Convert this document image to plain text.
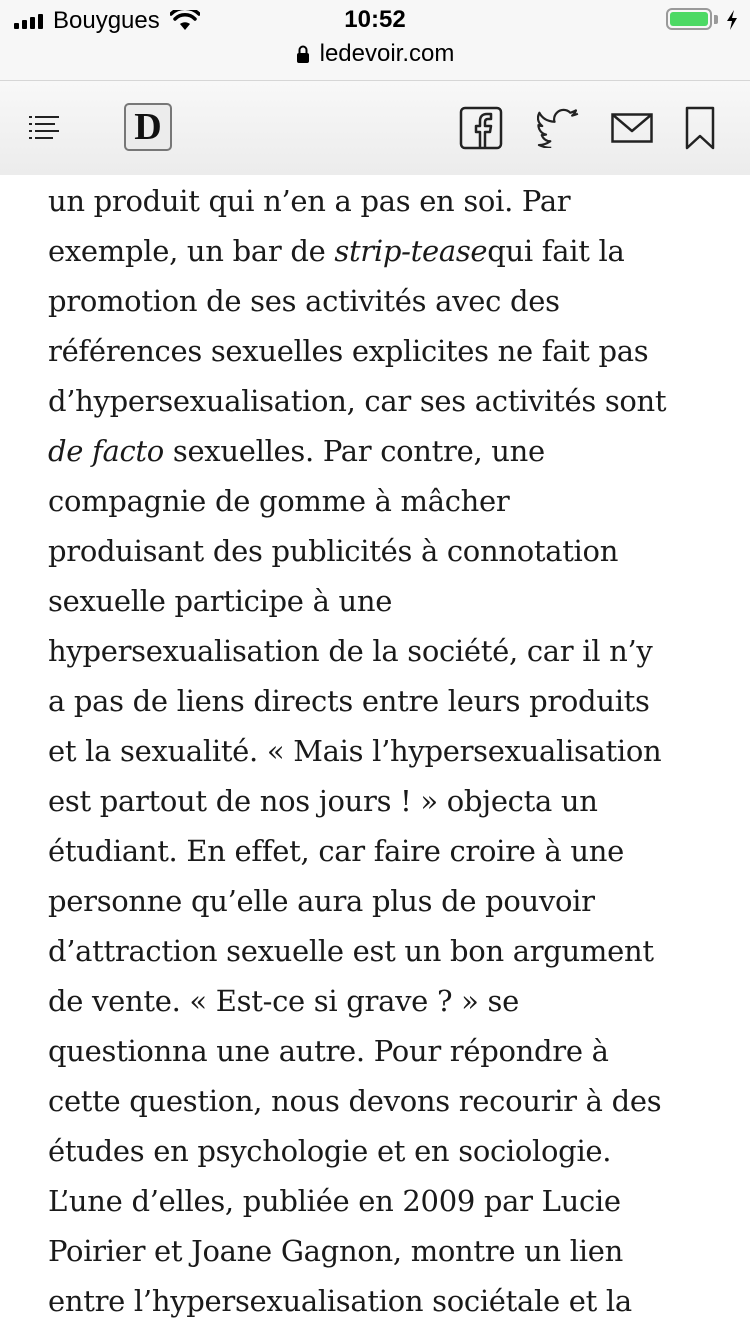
Bouygues	10:52
ledevoir.com
D

un produit qui n’en a pas en soi. Par
exemple, un bar de strip-teasequi fait la
promotion de ses activités avec des
références sexuelles explicites ne fait pas
d’hypersexualisation, car ses activités sont
de facto sexuelles. Par contre, une
compagnie de gomme à mâcher
produisant des publicités à connotation
sexuelle participe à une
hypersexualisation de la société, car il n’y
a pas de liens directs entre leurs produits
et la sexualité. « Mais l’hypersexualisation
est partout de nos jours ! » objecta un
étudiant. En effet, car faire croire à une
personne qu’elle aura plus de pouvoir
d’attraction sexuelle est un bon argument
de vente. « Est-ce si grave ? » se
questionna une autre. Pour répondre à
cette question, nous devons recourir à des
études en psychologie et en sociologie.
L’une d’elles, publiée en 2009 par Lucie
Poirier et Joane Gagnon, montre un lien
entre l’hypersexualisation sociétale et la
